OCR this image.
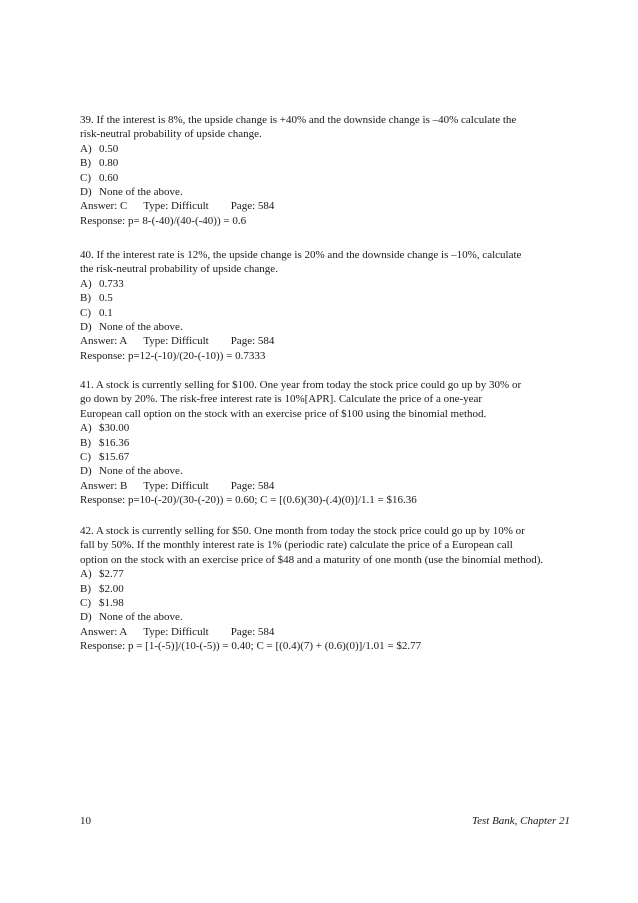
39. If the interest is 8%, the upside change is +40% and the downside change is –40% calculate the
risk-neutral probability of upside change.
A) 0.50
B) 0.80
C) 0.60
D) None of the above.
Answer: C Type: Difficult Page: 584
Response: p= 8-(-40)/(40-(-40)) = 0.6
40. If the interest rate is 12%, the upside change is 20% and the downside change is –10%, calculate
the risk-neutral probability of upside change.
A) 0.733
B) 0.5
C) 0.1
D) None of the above.
Answer: A Type: Difficult Page: 584
Response: p=12-(-10)/(20-(-10)) = 0.7333
41. A stock is currently selling for $100. One year from today the stock price could go up by 30% or
go down by 20%. The risk-free interest rate is 10%[APR]. Calculate the price of a one-year
European call option on the stock with an exercise price of $100 using the binomial method.
A) $30.00
B) $16.36
C) $15.67
D) None of the above.
Answer: B Type: Difficult Page: 584
Response: p=10-(-20)/(30-(-20)) = 0.60; C = [(0.6)(30)-(.4)(0)]/1.1 = $16.36
42. A stock is currently selling for $50. One month from today the stock price could go up by 10% or
fall by 50%. If the monthly interest rate is 1% (periodic rate) calculate the price of a European call
option on the stock with an exercise price of $48 and a maturity of one month (use the binomial method).
A) $2.77
B) $2.00
C) $1.98
D) None of the above.
Answer: A Type: Difficult Page: 584
Response: p = [1-(-5)]/(10-(-5)) = 0.40; C = [(0.4)(7) + (0.6)(0)]/1.01 = $2.77
10	Test Bank, Chapter 21
